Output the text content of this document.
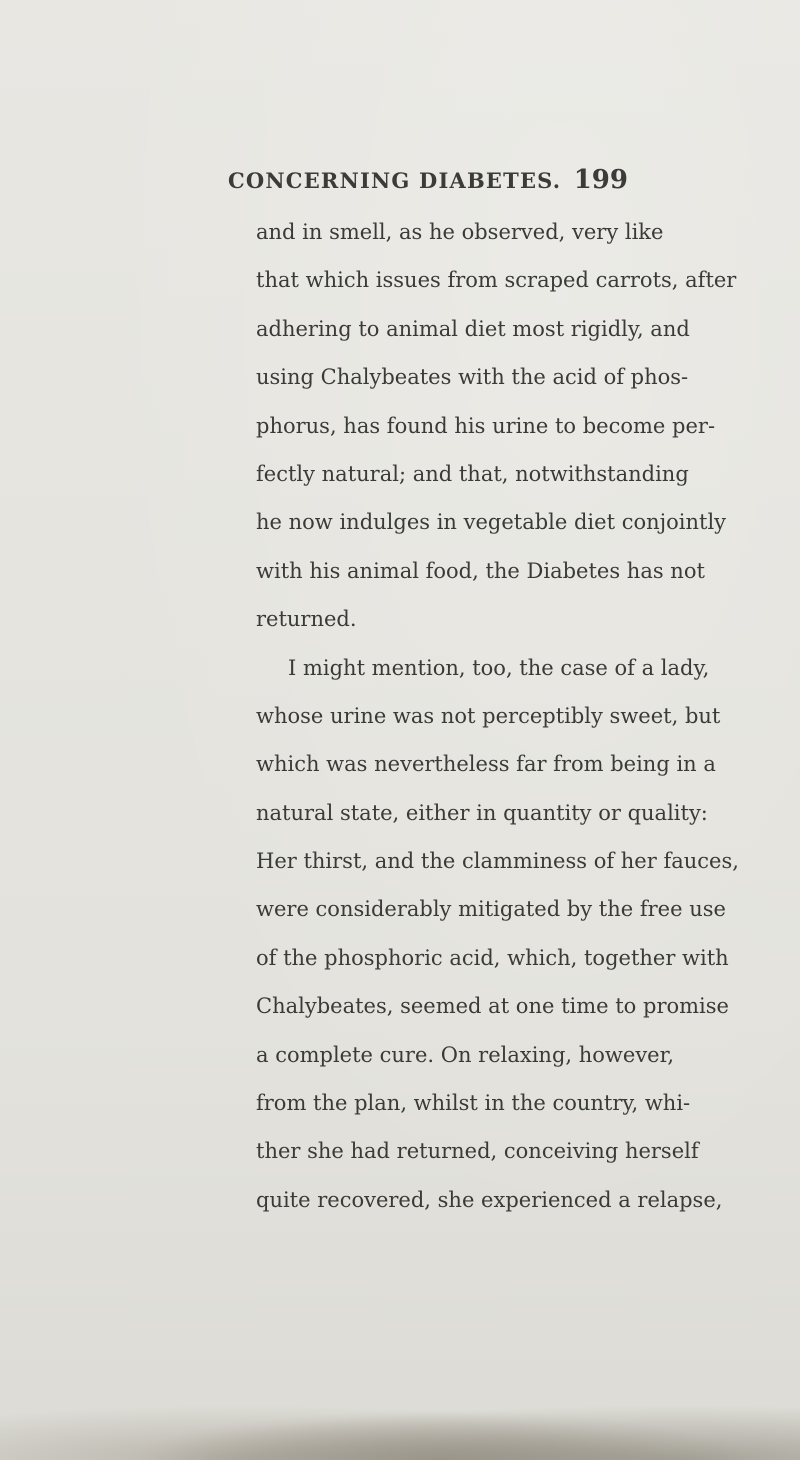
CONCERNING DIABETES. 199
and in smell, as he observed, very like
that which issues from scraped carrots, after
adhering to animal diet most rigidly, and
using Chalybeates with the acid of phos-
phorus, has found his urine to become per-
fectly natural; and that, notwithstanding
he now indulges in vegetable diet conjointly
with his animal food, the Diabetes has not
returned.
I might mention, too, the case of a lady,
whose urine was not perceptibly sweet, but
which was nevertheless far from being in a
natural state, either in quantity or quality:
Her thirst, and the clamminess of her fauces,
were considerably mitigated by the free use
of the phosphoric acid, which, together with
Chalybeates, seemed at one time to promise
a complete cure. On relaxing, however,
from the plan, whilst in the country, whi-
ther she had returned, conceiving herself
quite recovered, she experienced a relapse,
